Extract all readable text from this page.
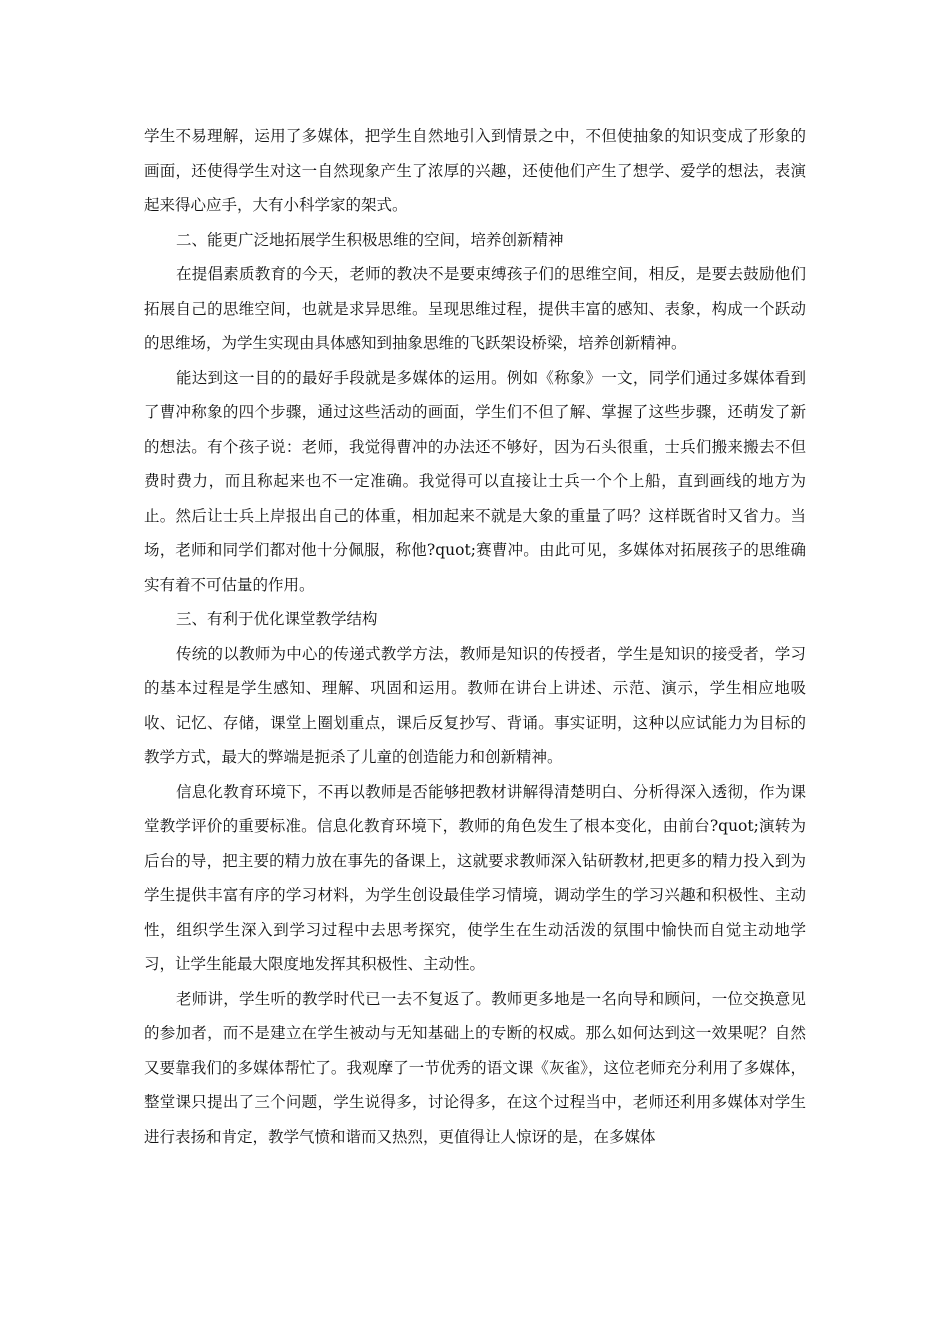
学生不易理解，运用了多媒体，把学生自然地引入到情景之中，不但使抽象的知识变成了形象的画面，还使得学生对这一自然现象产生了浓厚的兴趣，还使他们产生了想学、爱学的想法，表演起来得心应手，大有小科学家的架式。

二、能更广泛地拓展学生积极思维的空间，培养创新精神

在提倡素质教育的今天，老师的教决不是要束缚孩子们的思维空间，相反，是要去鼓励他们拓展自己的思维空间，也就是求异思维。呈现思维过程，提供丰富的感知、表象，构成一个跃动的思维场，为学生实现由具体感知到抽象思维的飞跃架设桥梁，培养创新精神。

能达到这一目的的最好手段就是多媒体的运用。例如《称象》一文，同学们通过多媒体看到了曹冲称象的四个步骤，通过这些活动的画面，学生们不但了解、掌握了这些步骤，还萌发了新的想法。有个孩子说：老师，我觉得曹冲的办法还不够好，因为石头很重，士兵们搬来搬去不但费时费力，而且称起来也不一定准确。我觉得可以直接让士兵一个个上船，直到画线的地方为止。然后让士兵上岸报出自己的体重，相加起来不就是大象的重量了吗？这样既省时又省力。当场，老师和同学们都对他十分佩服，称他?quot;赛曹冲。由此可见，多媒体对拓展孩子的思维确实有着不可估量的作用。

三、有利于优化课堂教学结构

传统的以教师为中心的传递式教学方法，教师是知识的传授者，学生是知识的接受者，学习的基本过程是学生感知、理解、巩固和运用。教师在讲台上讲述、示范、演示，学生相应地吸收、记忆、存储，课堂上圈划重点，课后反复抄写、背诵。事实证明，这种以应试能力为目标的教学方式，最大的弊端是扼杀了儿童的创造能力和创新精神。

信息化教育环境下，不再以教师是否能够把教材讲解得清楚明白、分析得深入透彻，作为课堂教学评价的重要标准。信息化教育环境下，教师的角色发生了根本变化，由前台?quot;演转为后台的导，把主要的精力放在事先的备课上，这就要求教师深入钻研教材,把更多的精力投入到为学生提供丰富有序的学习材料，为学生创设最佳学习情境，调动学生的学习兴趣和积极性、主动性，组织学生深入到学习过程中去思考探究，使学生在生动活泼的氛围中愉快而自觉主动地学习，让学生能最大限度地发挥其积极性、主动性。

老师讲，学生听的教学时代已一去不复返了。教师更多地是一名向导和顾问，一位交换意见的参加者，而不是建立在学生被动与无知基础上的专断的权威。那么如何达到这一效果呢？自然又要靠我们的多媒体帮忙了。我观摩了一节优秀的语文课《灰雀》，这位老师充分利用了多媒体，整堂课只提出了三个问题，学生说得多，讨论得多，在这个过程当中，老师还利用多媒体对学生进行表扬和肯定，教学气愤和谐而又热烈，更值得让人惊讶的是，在多媒体
